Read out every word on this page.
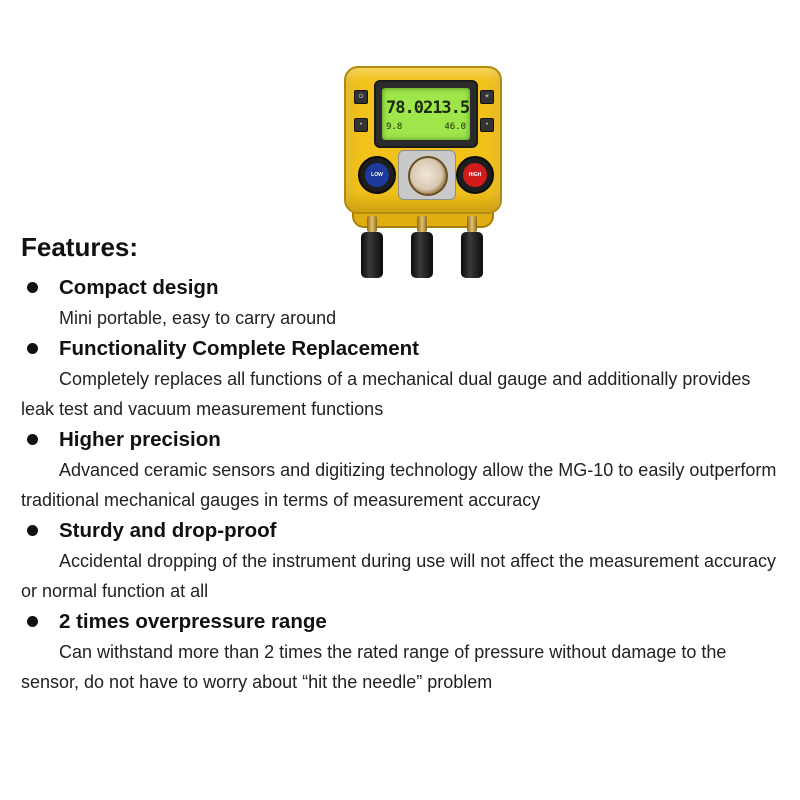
⏻
•
☀
•
78.0 213.5
9.8	46.0
LOW	HIGH
Features:
Compact design

Mini portable, easy to carry around

Functionality Complete Replacement

Completely replaces all functions of a mechanical dual gauge and additionally provides leak test and vacuum measurement functions

Higher precision

Advanced ceramic sensors and digitizing technology allow the MG-10 to easily outperform traditional mechanical gauges in terms of measurement accuracy

Sturdy and drop-proof

Accidental dropping of the instrument during use will not affect the measurement accuracy or normal function at all

2 times overpressure range

Can withstand more than 2 times the rated range of pressure without damage to the sensor, do not have to worry about “hit the needle” problem
